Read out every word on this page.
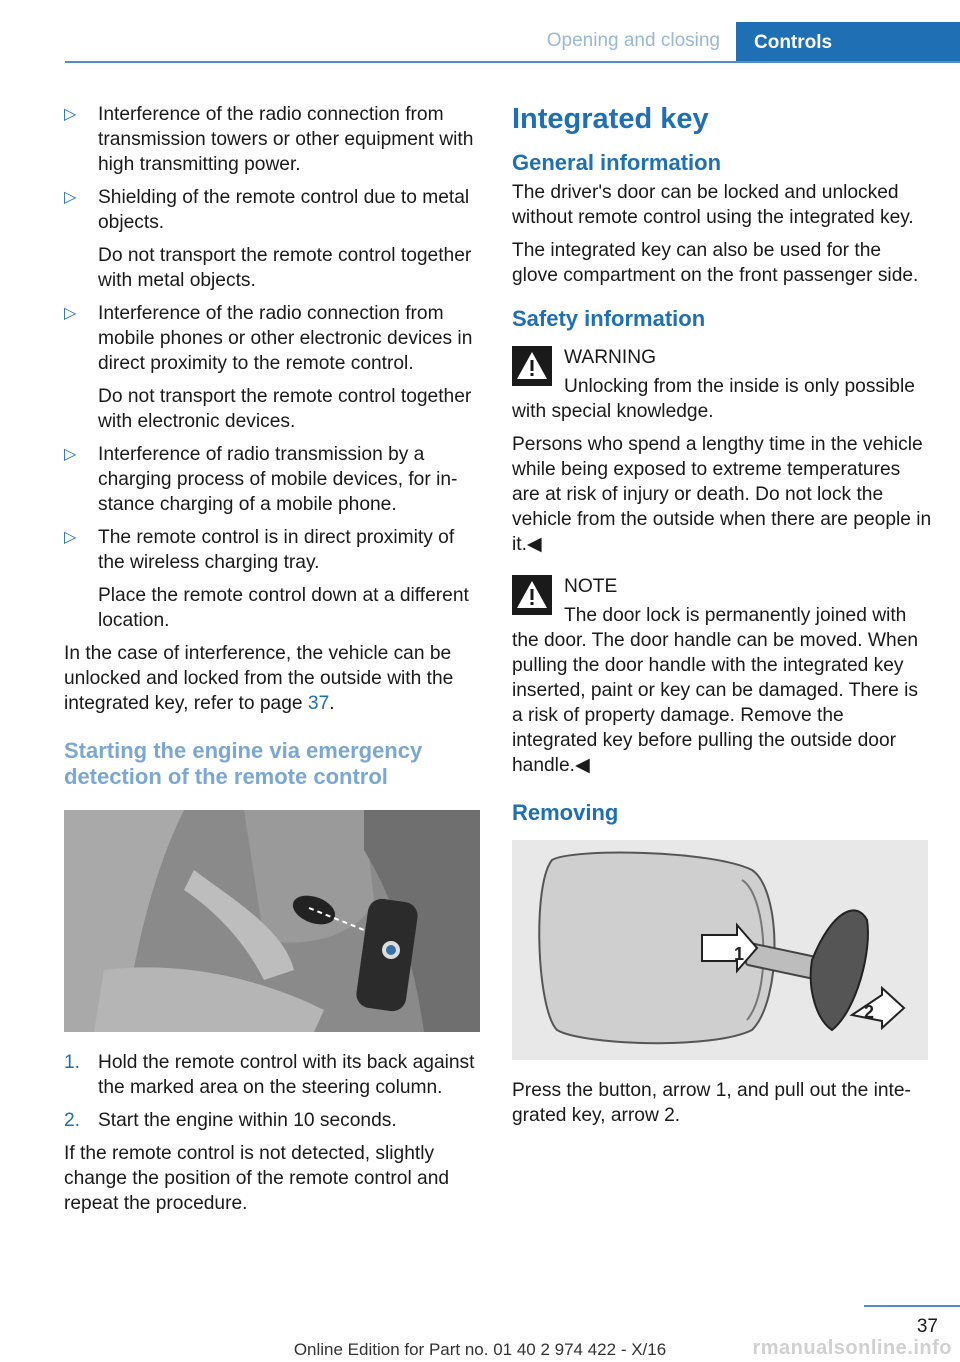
Opening and closing Controls
▷ Interference of the radio connection from transmission towers or other equipment with high transmitting power.

▷ Shielding of the remote control due to metal objects.

Do not transport the remote control together with metal objects.

▷ Interference of the radio connection from mobile phones or other electronic devices in direct proximity to the remote control.

Do not transport the remote control together with electronic devices.

▷ Interference of radio transmission by a charging process of mobile devices, for instance charging of a mobile phone.

▷ The remote control is in direct proximity of the wireless charging tray.

Place the remote control down at a different location.

In the case of interference, the vehicle can be unlocked and locked from the outside with the integrated key, refer to page 37.

Starting the engine via emergency detection of the remote control
1. Hold the remote control with its back against the marked area on the steering column.
2. Start the engine within 10 seconds.

If the remote control is not detected, slightly change the position of the remote control and repeat the procedure.

Integrated key
General information

The driver's door can be locked and unlocked without remote control using the integrated key.

The integrated key can also be used for the glove compartment on the front passenger side.

Safety information

WARNING

Unlocking from the inside is only possible with special knowledge.

Persons who spend a lengthy time in the vehicle while being exposed to extreme temperatures are at risk of injury or death. Do not lock the vehicle from the outside when there are people in it.◀

NOTE

The door lock is permanently joined with the door. The door handle can be moved. When pulling the door handle with the integrated key inserted, paint or key can be damaged. There is a risk of property damage. Remove the integrated key before pulling the outside door handle.◀

Removing
1
2

Press the button, arrow 1, and pull out the integrated key, arrow 2.

37
Online Edition for Part no. 01 40 2 974 422 - X/16	rmanualsonline.info
